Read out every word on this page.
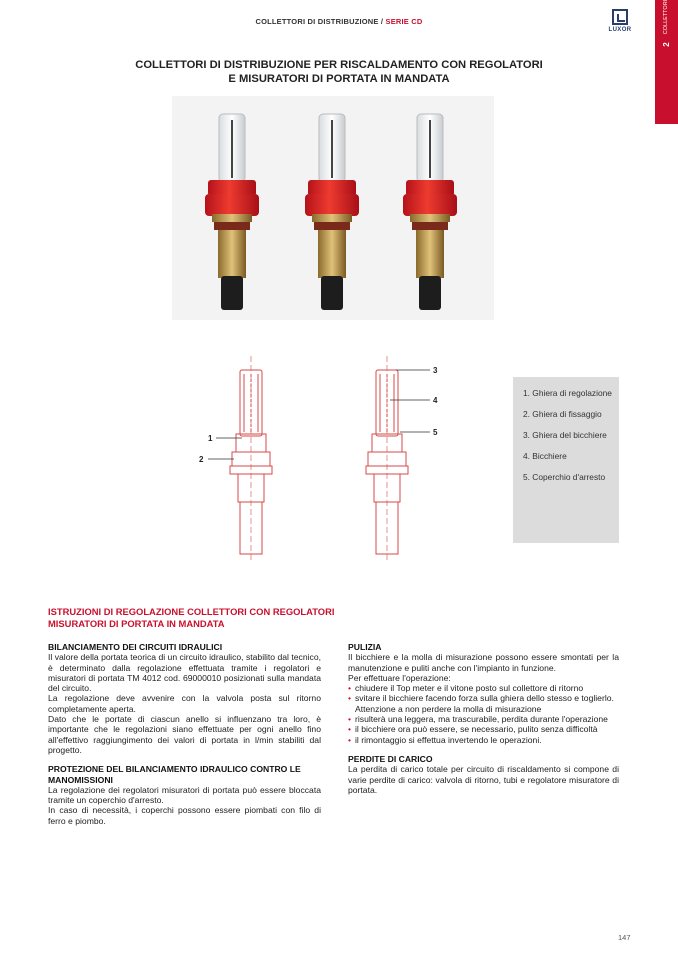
COLLETTORI DI DISTRIBUZIONE / SERIE CD
LUXOR	COLLETTORI
2
COLLETTORI DI DISTRIBUZIONE PER RISCALDAMENTO CON REGOLATORI
E MISURATORI DI PORTATA IN MANDATA
1
2
3
4
5
1. Ghiera di regolazione
2. Ghiera di fissaggio
3. Ghiera del bicchiere
4. Bicchiere
5. Coperchio d'arresto
ISTRUZIONI DI REGOLAZIONE COLLETTORI CON REGOLATORI MISURATORI DI PORTATA IN MANDATA
BILANCIAMENTO DEI CIRCUITI IDRAULICI

Il valore della portata teorica di un circuito idraulico, stabilito dal tecnico, è determinato dalla regolazione effettuata tramite i regolatori e misuratori di portata TM 4012 cod. 69000010 posizionati sulla mandata del circuito.

La regolazione deve avvenire con la valvola posta sul ritorno completamente aperta.

Dato che le portate di ciascun anello si influenzano tra loro, è importante che le regolazioni siano effettuate per ogni anello fino all'effettivo raggiungimento dei valori di portata in l/min stabiliti dal progetto.

PROTEZIONE DEL BILANCIAMENTO IDRAULICO CONTRO LE MANOMISSIONI

La regolazione dei regolatori misuratori di portata può essere bloccata tramite un coperchio d'arresto.

In caso di necessità, i coperchi possono essere piombati con filo di ferro e piombo.

PULIZIA

Il bicchiere e la molla di misurazione possono essere smontati per la manutenzione e puliti anche con l'impianto in funzione.

Per effettuare l'operazione:

• chiudere il Top meter e il vitone posto sul collettore di ritorno
• svitare il bicchiere facendo forza sulla ghiera dello stesso e toglierlo. Attenzione a non perdere la molla di misurazione
• risulterà una leggera, ma trascurabile, perdita durante l'operazione
• il bicchiere ora può essere, se necessario, pulito senza difficoltà
• il rimontaggio si effettua invertendo le operazioni.
PERDITE DI CARICO

La perdita di carico totale per circuito di riscaldamento si compone di varie perdite di carico: valvola di ritorno, tubi e regolatore misuratore di portata.

147
